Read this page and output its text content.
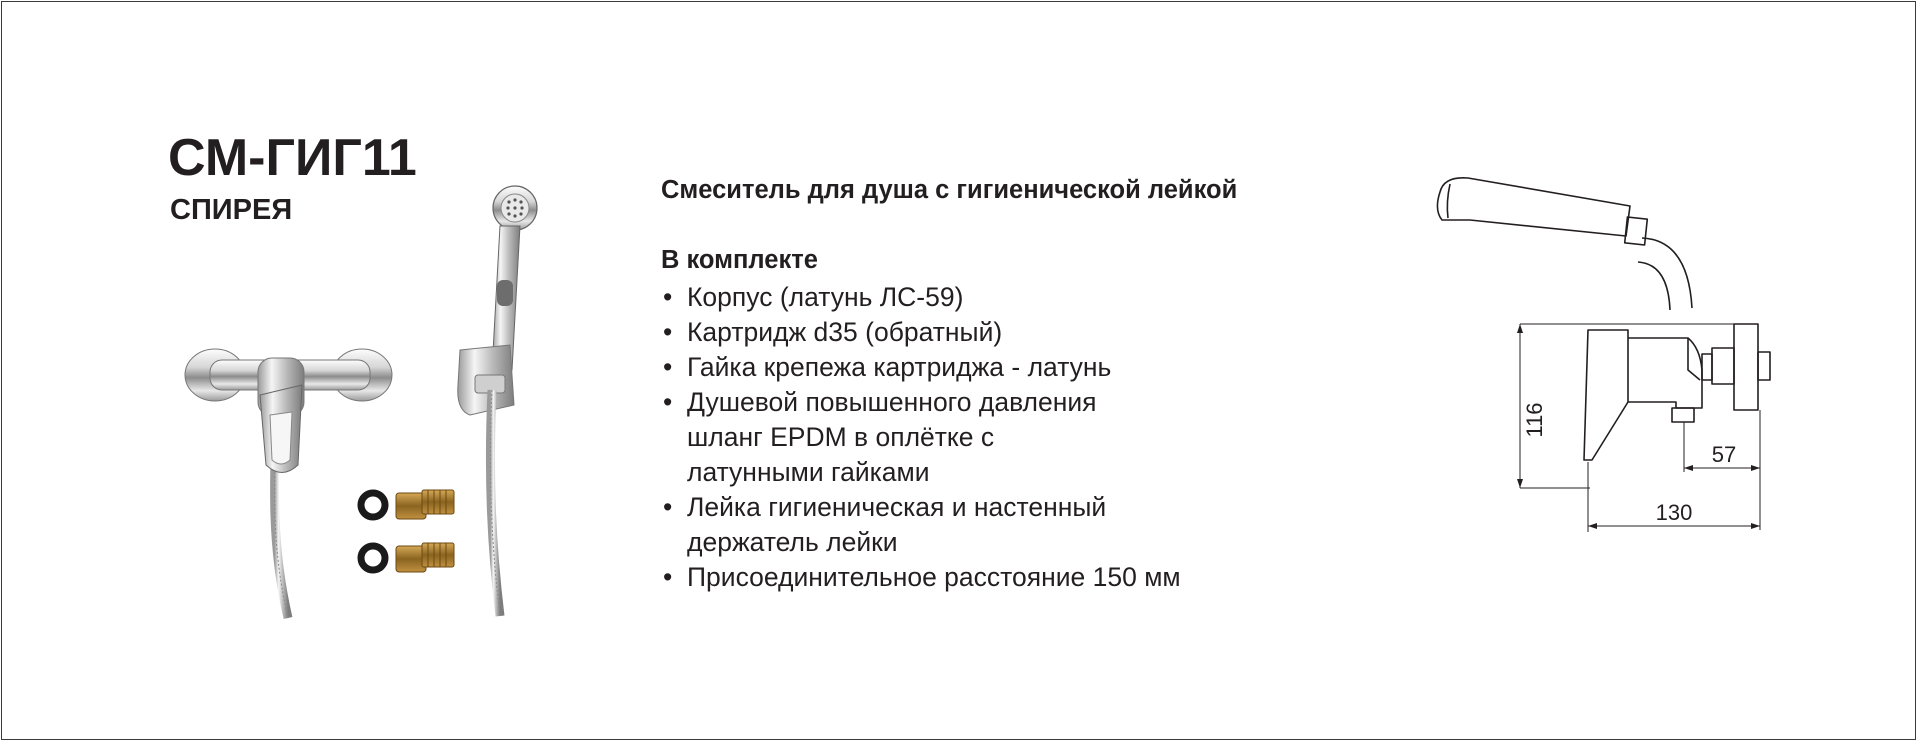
СМ-ГИГ11
СПИРЕЯ
Смеситель для душа с гигиенической лейкой
В комплекте
• Корпус (латунь ЛС-59)
• Картридж d35 (обратный)
• Гайка крепежа картриджа - латунь
• Душевой повышенного давления
шланг EPDM в оплётке с
латунными гайками
• Лейка гигиеническая и настенный
держатель лейки
• Присоединительное расстояние 150 мм
116
57
130
